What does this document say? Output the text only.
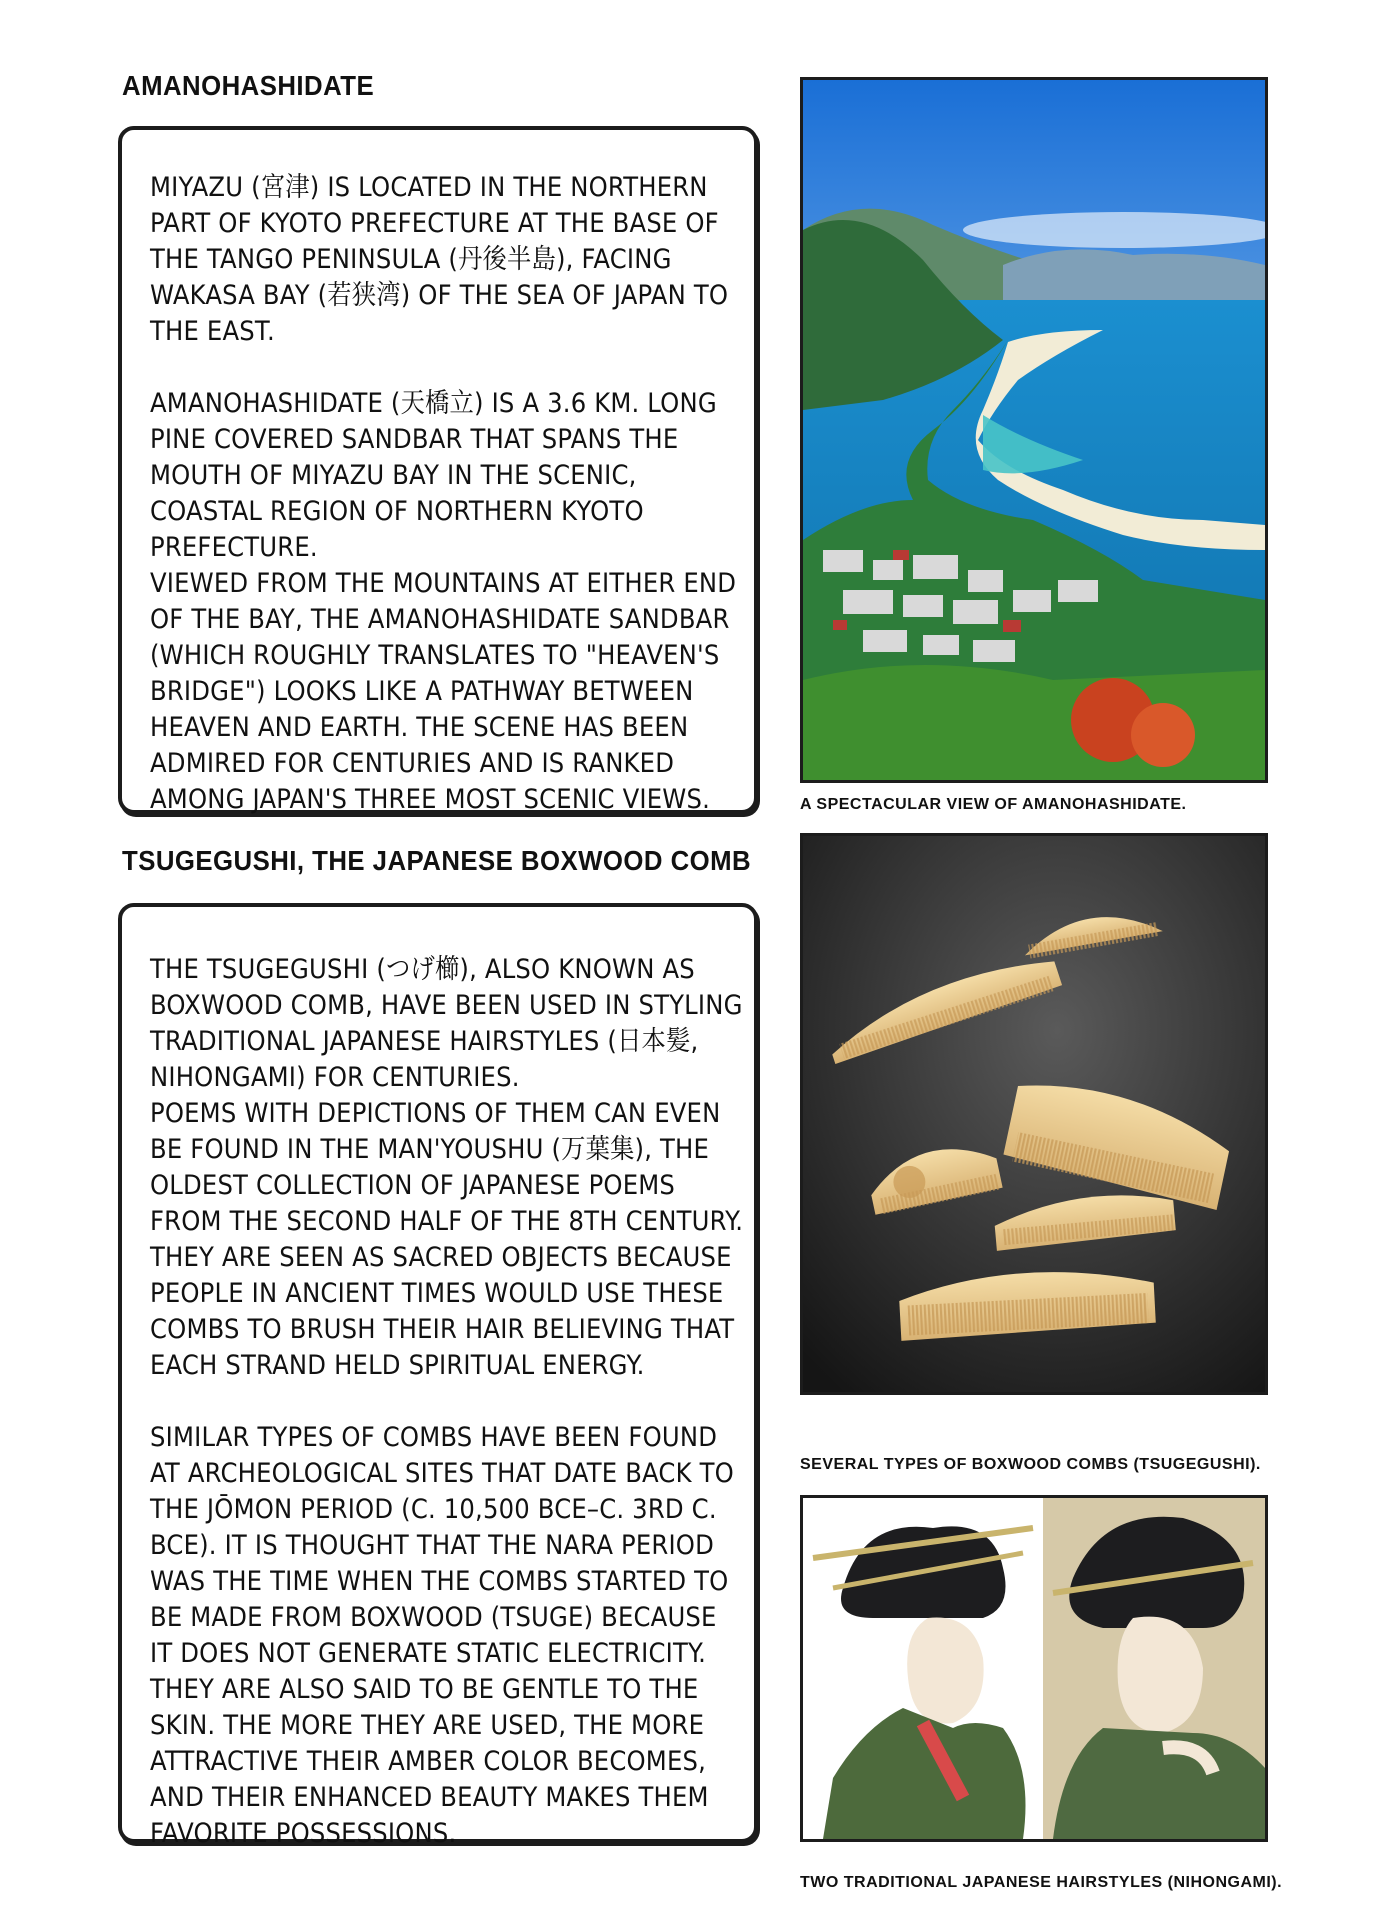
AMANOHASHIDATE
MIYAZU (宮津) IS LOCATED IN THE NORTHERN PART OF KYOTO PREFECTURE AT THE BASE OF THE TANGO PENINSULA (丹後半島), FACING WAKASA BAY (若狭湾) OF THE SEA OF JAPAN TO THE EAST.

AMANOHASHIDATE (天橋立) IS A 3.6 KM. LONG PINE COVERED SANDBAR THAT SPANS THE MOUTH OF MIYAZU BAY IN THE SCENIC, COASTAL REGION OF NORTHERN KYOTO PREFECTURE.
VIEWED FROM THE MOUNTAINS AT EITHER END OF THE BAY, THE AMANOHASHIDATE SANDBAR (WHICH ROUGHLY TRANSLATES TO "HEAVEN'S BRIDGE") LOOKS LIKE A PATHWAY BETWEEN HEAVEN AND EARTH. THE SCENE HAS BEEN ADMIRED FOR CENTURIES AND IS RANKED AMONG JAPAN'S THREE MOST SCENIC VIEWS.	A SPECTACULAR VIEW OF AMANOHASHIDATE.
TSUGEGUSHI, THE JAPANESE BOXWOOD COMB
THE TSUGEGUSHI (つげ櫛), ALSO KNOWN AS BOXWOOD COMB, HAVE BEEN USED IN STYLING TRADITIONAL JAPANESE HAIRSTYLES (日本髪, NIHONGAMI) FOR CENTURIES.
POEMS WITH DEPICTIONS OF THEM CAN EVEN BE FOUND IN THE MAN'YOUSHU (万葉集), THE OLDEST COLLECTION OF JAPANESE POEMS FROM THE SECOND HALF OF THE 8TH CENTURY.
THEY ARE SEEN AS SACRED OBJECTS BECAUSE PEOPLE IN ANCIENT TIMES WOULD USE THESE COMBS TO BRUSH THEIR HAIR BELIEVING THAT EACH STRAND HELD SPIRITUAL ENERGY.

SIMILAR TYPES OF COMBS HAVE BEEN FOUND AT ARCHEOLOGICAL SITES THAT DATE BACK TO THE JŌMON PERIOD (C. 10,500 BCE–C. 3RD C. BCE). IT IS THOUGHT THAT THE NARA PERIOD WAS THE TIME WHEN THE COMBS STARTED TO BE MADE FROM BOXWOOD (TSUGE) BECAUSE IT DOES NOT GENERATE STATIC ELECTRICITY. THEY ARE ALSO SAID TO BE GENTLE TO THE SKIN. THE MORE THEY ARE USED, THE MORE ATTRACTIVE THEIR AMBER COLOR BECOMES, AND THEIR ENHANCED BEAUTY MAKES THEM FAVORITE POSSESSIONS.
SEVERAL TYPES OF BOXWOOD COMBS (TSUGEGUSHI).
TWO TRADITIONAL JAPANESE HAIRSTYLES (NIHONGAMI).
